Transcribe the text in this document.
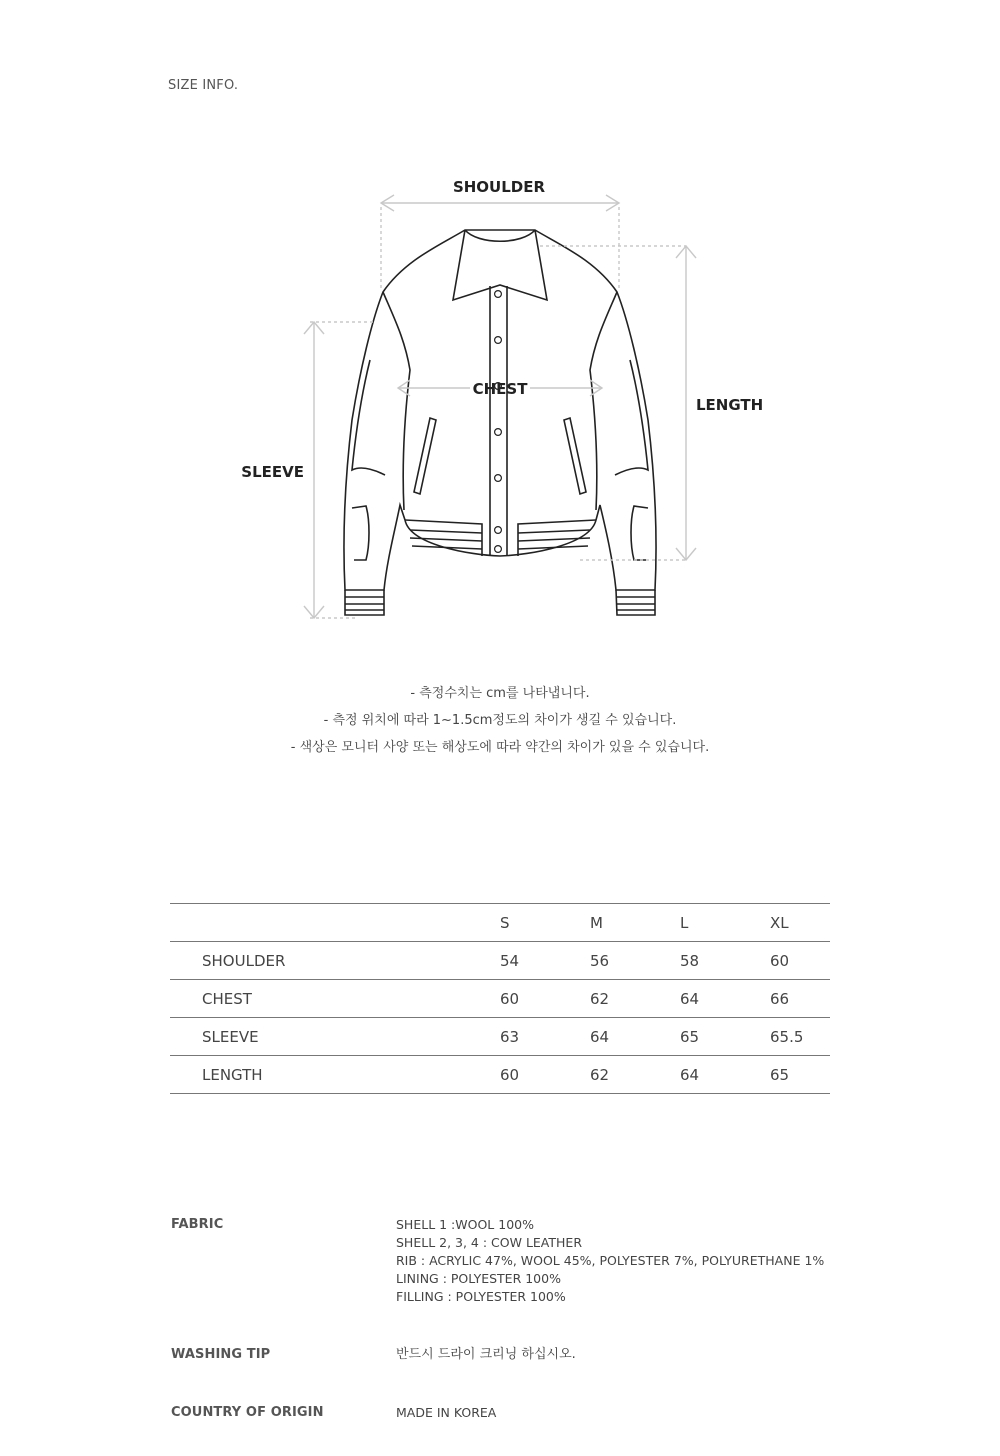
SIZE INFO.
SHOULDER
CHEST
LENGTH
SLEEVE
- 측정수치는 cm를 나타냅니다.
- 측정 위치에 따라 1~1.5cm정도의 차이가 생길 수 있습니다.
- 색상은 모니터 사양 또는 해상도에 따라 약간의 차이가 있을 수 있습니다.
	S	M	L	XL
SHOULDER	54	56	58	60
CHEST	60	62	64	66
SLEEVE	63	64	65	65.5
LENGTH	60	62	64	65
FABRIC	SHELL 1 :WOOL 100%
SHELL 2, 3, 4 : COW LEATHER
RIB : ACRYLIC 47%, WOOL 45%, POLYESTER 7%, POLYURETHANE 1%
LINING : POLYESTER 100%
FILLING : POLYESTER 100%
WASHING TIP	반드시 드라이 크리닝 하십시오.
COUNTRY OF ORIGIN	MADE IN KOREA
